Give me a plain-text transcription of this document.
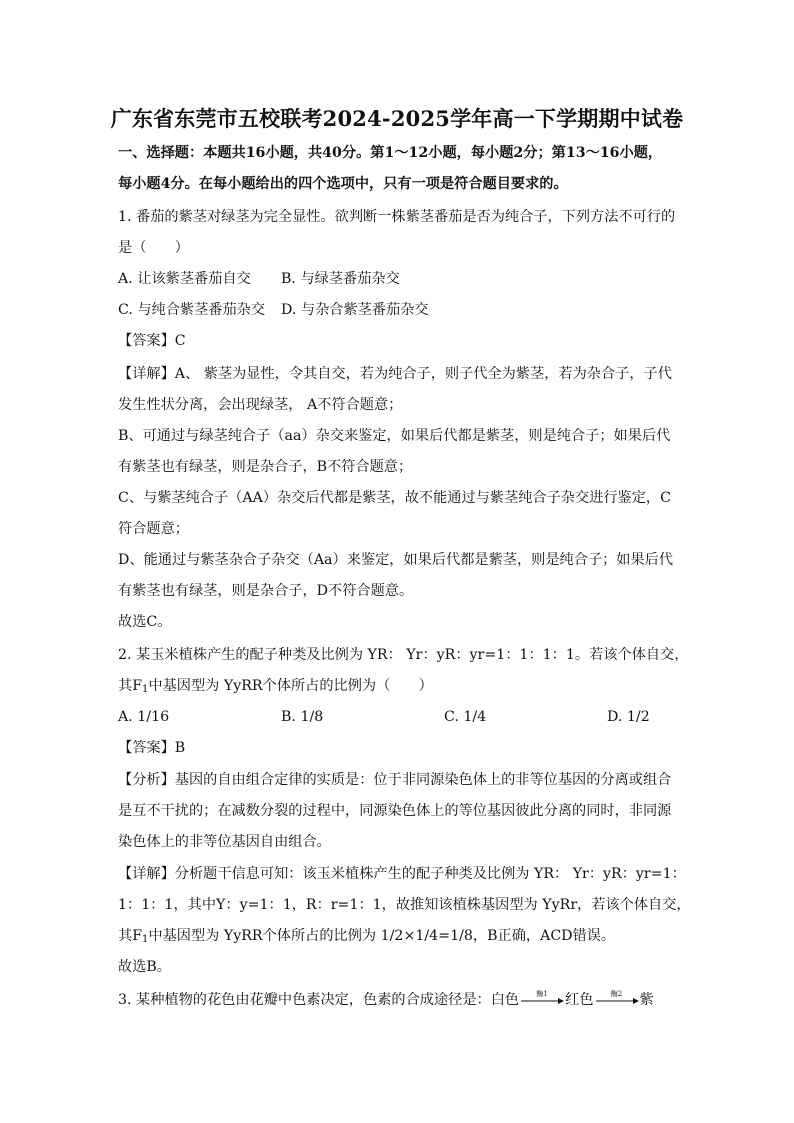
广东省东莞市五校联考2024-2025学年高一下学期期中试卷
一、选择题：本题共16小题，共40分。第1～12小题，每小题2分；第13～16小题，
每小题4分。在每小题给出的四个选项中，只有一项是符合题目要求的。
1. 番茄的紫茎对绿茎为完全显性。欲判断一株紫茎番茄是否为纯合子，下列方法不可行的
是（　　）
A. 让该紫茎番茄自交 B. 与绿茎番茄杂交
C. 与纯合紫茎番茄杂交 D. 与杂合紫茎番茄杂交
【答案】C
【详解】A、 紫茎为显性，令其自交，若为纯合子，则子代全为紫茎，若为杂合子，子代
发生性状分离，会出现绿茎， A不符合题意；
B、可通过与绿茎纯合子（aa）杂交来鉴定，如果后代都是紫茎，则是纯合子；如果后代
有紫茎也有绿茎，则是杂合子，B不符合题意；
C、与紫茎纯合子（AA）杂交后代都是紫茎，故不能通过与紫茎纯合子杂交进行鉴定，C
符合题意；
D、能通过与紫茎杂合子杂交（Aa）来鉴定，如果后代都是紫茎，则是纯合子；如果后代
有紫茎也有绿茎，则是杂合子，D不符合题意。
故选C。
2. 某玉米植株产生的配子种类及比例为 YR： Yr：yR：yr=1：1：1：1。若该个体自交，
其$F_1$中基因型为 YyRR个体所占的比例为（　　）
A. 1/16	B. 1/8	C. 1/4	D. 1/2
【答案】B
【分析】基因的自由组合定律的实质是：位于非同源染色体上的非等位基因的分离或组合
是互不干扰的；在减数分裂的过程中，同源染色体上的等位基因彼此分离的同时，非同源
染色体上的非等位基因自由组合。
【详解】分析题干信息可知：该玉米植株产生的配子种类及比例为 YR： Yr：yR：yr=1：
1：1：1，其中Y：y=1：1，R：r=1：1，故推知该植株基因型为 YyRr，若该个体自交，
其$F_1$中基因型为 YyRR个体所占的比例为 1/2×1/4=1/8，B正确，ACD错误。
故选B。
3. 某种植物的花色由花瓣中色素决定，色素的合成途径是：白色	酶1	红色	酶2	紫
